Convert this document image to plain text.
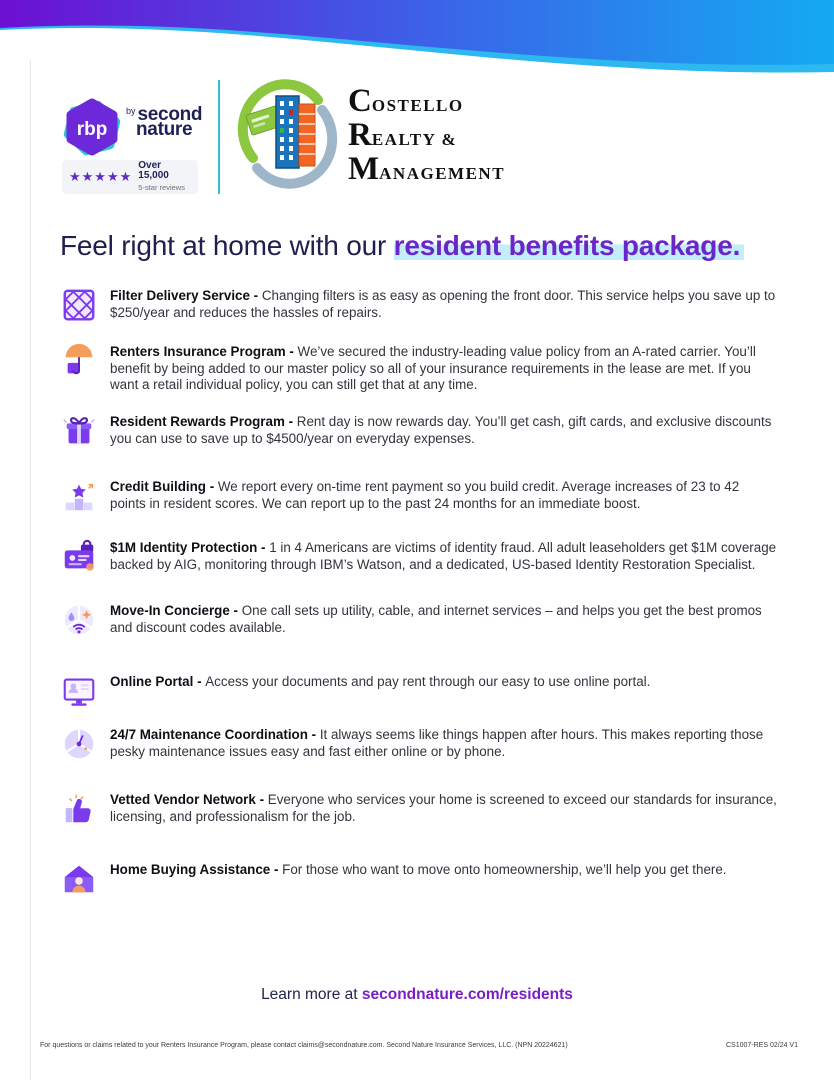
rbp
$^{by}$ second
nature
★★★★★
Over 15,000
5-star reviews
COSTELLO
REALTY &
MANAGEMENT
Feel right at home with our resident benefits package.

Filter Delivery Service - Changing filters is as easy as opening the front door. This service helps you save up to $250/year and reduces the hassles of repairs.

Renters Insurance Program - We’ve secured the industry-leading value policy from an A-rated carrier. You’ll benefit by being added to our master policy so all of your insurance requirements in the lease are met. If you want a retail individual policy, you can still get that at any time.

Resident Rewards Program - Rent day is now rewards day. You’ll get cash, gift cards, and exclusive discounts you can use to save up to $4500/year on everyday expenses.

Credit Building - We report every on-time rent payment so you build credit. Average increases of 23 to 42 points in resident scores. We can report up to the past 24 months for an immediate boost.

$1M Identity Protection - 1 in 4 Americans are victims of identity fraud. All adult leaseholders get $1M coverage backed by AIG, monitoring through IBM’s Watson, and a dedicated, US-based Identity Restoration Specialist.

Move-In Concierge - One call sets up utility, cable, and internet services – and helps you get the best promos and discount codes available.

Online Portal - Access your documents and pay rent through our easy to use online portal.

24/7 Maintenance Coordination - It always seems like things happen after hours. This makes reporting those pesky maintenance issues easy and fast either online or by phone.

Vetted Vendor Network - Everyone who services your home is screened to exceed our standards for insurance, licensing, and professionalism for the job.

Home Buying Assistance - For those who want to move onto homeownership, we’ll help you get there.

Learn more at secondnature.com/residents
For questions or claims related to your Renters Insurance Program, please contact claims@secondnature.com. Second Nature Insurance Services, LLC. (NPN 20224621)	CS1007-RES 02/24 V1
